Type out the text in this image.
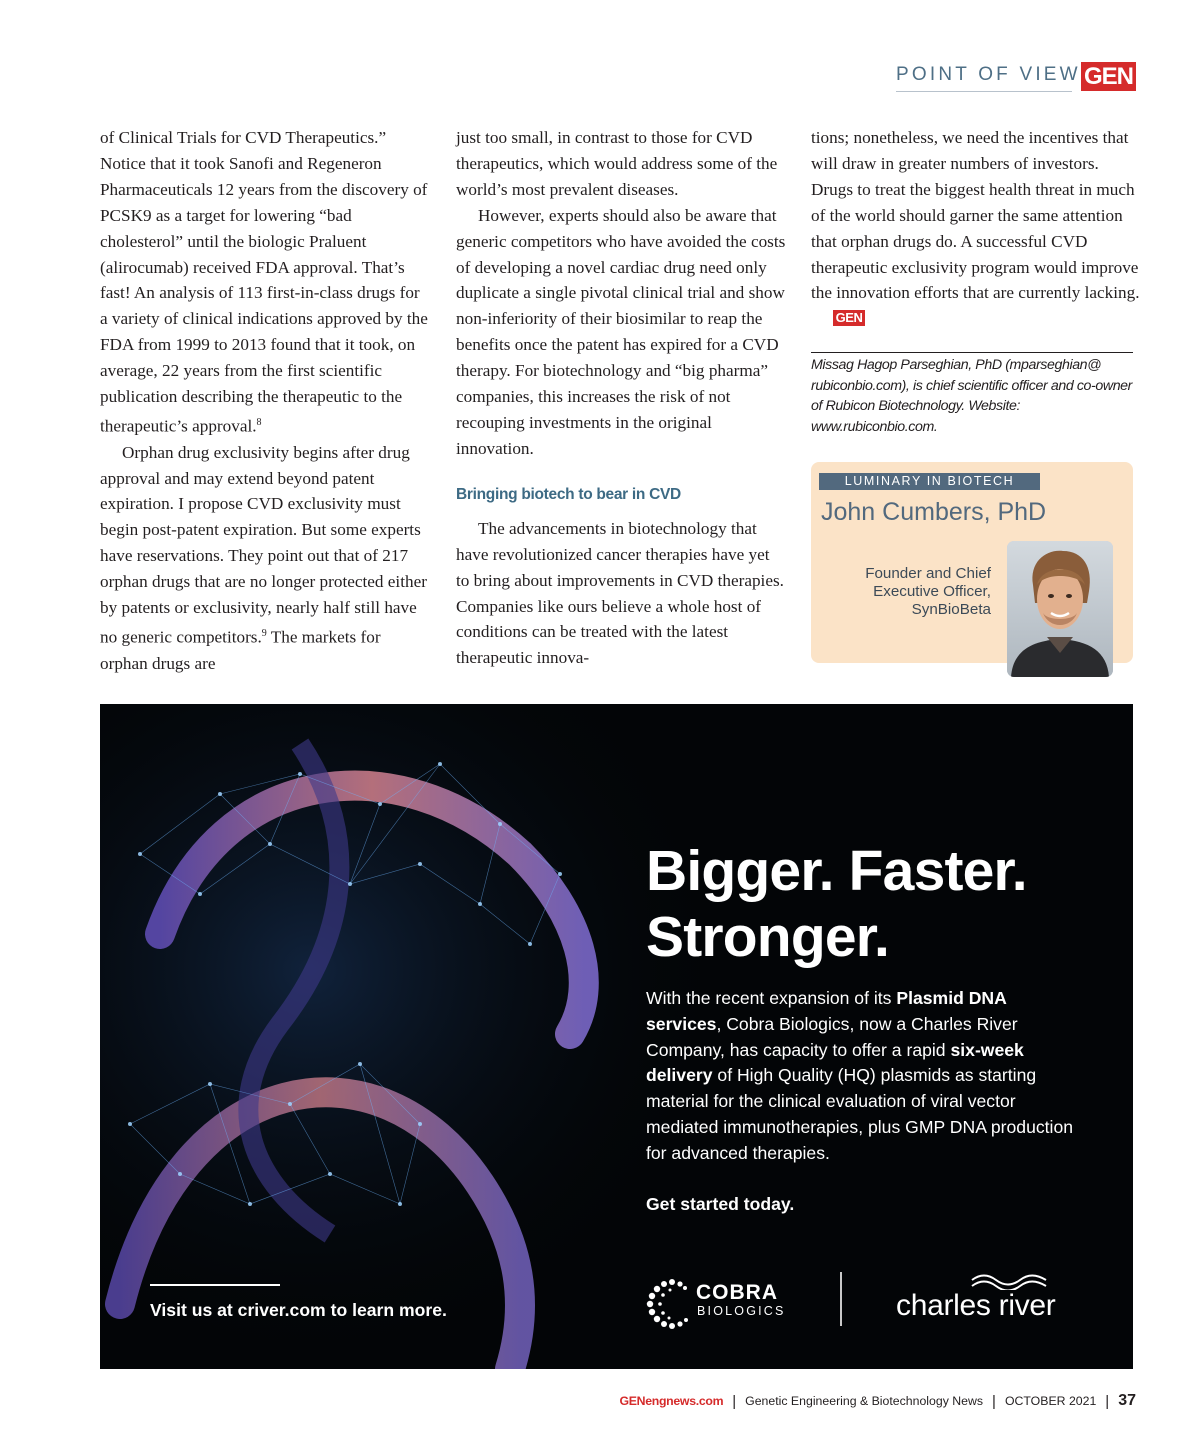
POINT OF VIEW GEN

of Clinical Trials for CVD Therapeutics.” Notice that it took Sanofi and Regeneron Pharmaceuticals 12 years from the discovery of PCSK9 as a target for lowering “bad cholesterol” until the biologic Praluent (alirocumab) received FDA approval. That’s fast! An analysis of 113 first-in-class drugs for a variety of clinical indications approved by the FDA from 1999 to 2013 found that it took, on average, 22 years from the first scientific publication describing the therapeutic to the therapeutic’s approval.$^8$

Orphan drug exclusivity begins after drug approval and may extend beyond patent expiration. I propose CVD exclusivity must begin post-patent expiration. But some experts have reservations. They point out that of 217 orphan drugs that are no longer protected either by patents or exclusivity, nearly half still have no generic competitors.$^9$ The markets for orphan drugs are

just too small, in contrast to those for CVD therapeutics, which would address some of the world’s most prevalent diseases.

However, experts should also be aware that generic competitors who have avoided the costs of developing a novel cardiac drug need only duplicate a single pivotal clinical trial and show non-inferiority of their biosimilar to reap the benefits once the patent has expired for a CVD therapy. For biotechnology and “big pharma” companies, this increases the risk of not recouping investments in the original innovation.

Bringing biotech to bear in CVD

The advancements in biotechnology that have revolutionized cancer therapies have yet to bring about improvements in CVD therapies. Companies like ours believe a whole host of conditions can be treated with the latest therapeutic innova-

tions; nonetheless, we need the incentives that will draw in greater numbers of investors. Drugs to treat the biggest health threat in much of the world should garner the same attention that orphan drugs do. A successful CVD therapeutic exclusivity program would improve the innovation efforts that are currently lacking.GEN

Missag Hagop Parseghian, PhD (mparseghian@ rubiconbio.com), is chief scientific officer and co-owner of Rubicon Biotechnology. Website: www.rubiconbio.com.
LUMINARY IN BIOTECH
John Cumbers, PhD
Founder and Chief
Executive Officer,
SynBioBeta
Bigger. Faster.
Stronger.
With the recent expansion of its Plasmid DNA services, Cobra Biologics, now a Charles River Company, has capacity to offer a rapid six-week delivery of High Quality (HQ) plasmids as starting material for the clinical evaluation of viral vector mediated immunotherapies, plus GMP DNA production for advanced therapies.
Get started today.
Visit us at criver.com to learn more.
COBRA
BIOLOGICS	charles river
GENengnews.com | Genetic Engineering & Biotechnology News | OCTOBER 2021 | 37
